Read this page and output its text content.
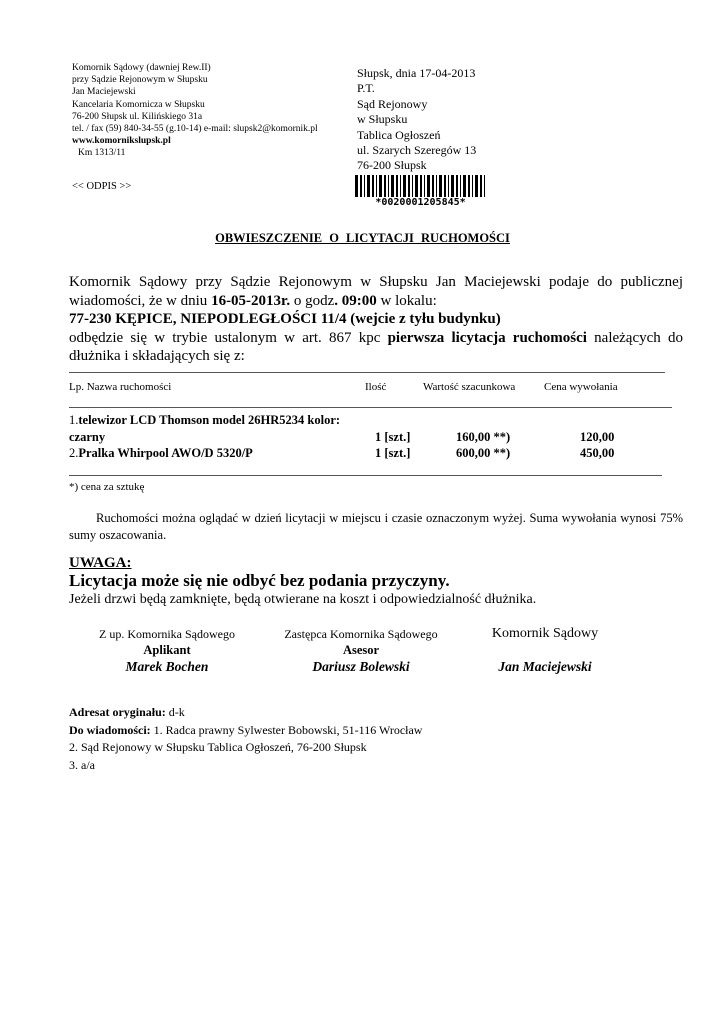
Komornik Sądowy (dawniej Rew.II)
przy Sądzie Rejonowym w Słupsku
Jan Maciejewski
Kancelaria Komornicza w Słupsku
76-200 Słupsk ul. Kilińskiego 31a
tel. / fax (59) 840-34-55 (g.10-14) e-mail: slupsk2@komornik.pl
www.komornikslupsk.pl
Km 1313/11
<< ODPIS >>
Słupsk, dnia 17-04-2013
P.T.
Sąd Rejonowy
w Słupsku
Tablica Ogłoszeń
ul. Szarych Szeregów 13
76-200 Słupsk
*0020001205845*
OBWIESZCZENIE O LICYTACJI RUCHOMOŚCI

Komornik Sądowy przy Sądzie Rejonowym w Słupsku Jan Maciejewski podaje do publicznej wiadomości, że w dniu 16-05-2013r. o godz. 09:00 w lokalu:

77-230 KĘPICE, NIEPODLEGŁOŚCI 11/4 (wejcie z tyłu budynku)

odbędzie się w trybie ustalonym w art. 867 kpc pierwsza licytacja ruchomości należących do dłużnika i składających się z:

Lp. Nazwa ruchomości	Ilość	Wartość szacunkowa	Cena wywołania
1.telewizor LCD Thomson model 26HR5234 kolor:
czarny	1 [szt.]	160,00 **)	120,00
2.Pralka Whirpool AWO/D 5320/P	1 [szt.]	600,00 **)	450,00
*) cena za sztukę
Ruchomości można oglądać w dzień licytacji w miejscu i czasie oznaczonym wyżej. Suma wywołania wynosi 75% sumy oszacowania.
UWAGA:
Licytacja może się nie odbyć bez podania przyczyny.
Jeżeli drzwi będą zamknięte, będą otwierane na koszt i odpowiedzialność dłużnika.
Z up. Komornika Sądowego
Aplikant
Marek Bochen
Zastępca Komornika Sądowego
Asesor
Dariusz Bolewski
Komornik Sądowy
Jan Maciejewski
Adresat oryginału: d-k
Do wiadomości: 1. Radca prawny Sylwester Bobowski, 51-116 Wrocław
2. Sąd Rejonowy w Słupsku Tablica Ogłoszeń, 76-200 Słupsk
3. a/a
